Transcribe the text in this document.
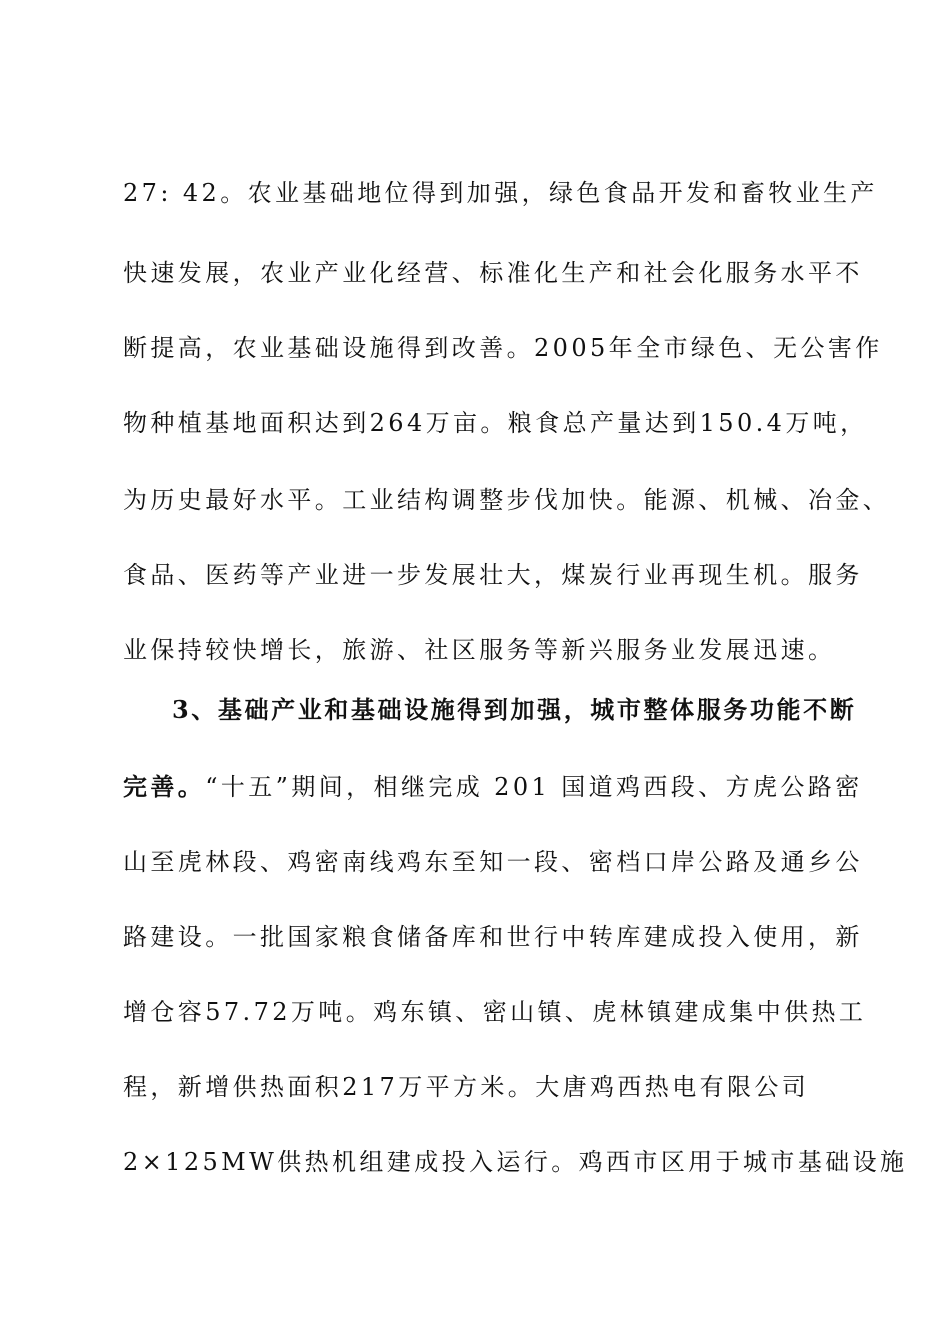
27: 42。农业基础地位得到加强，绿色食品开发和畜牧业生产
快速发展，农业产业化经营、标准化生产和社会化服务水平不
断提高，农业基础设施得到改善。2005年全市绿色、无公害作
物种植基地面积达到264万亩。粮食总产量达到150.4万吨，
为历史最好水平。工业结构调整步伐加快。能源、机械、冶金、
食品、医药等产业进一步发展壮大，煤炭行业再现生机。服务
业保持较快增长，旅游、社区服务等新兴服务业发展迅速。
3、基础产业和基础设施得到加强，城市整体服务功能不断
完善。“十五”期间，相继完成 201 国道鸡西段、方虎公路密
山至虎林段、鸡密南线鸡东至知一段、密档口岸公路及通乡公
路建设。一批国家粮食储备库和世行中转库建成投入使用，新
增仓容57.72万吨。鸡东镇、密山镇、虎林镇建成集中供热工
程，新增供热面积217万平方米。大唐鸡西热电有限公司
2×125MW供热机组建成投入运行。鸡西市区用于城市基础设施
